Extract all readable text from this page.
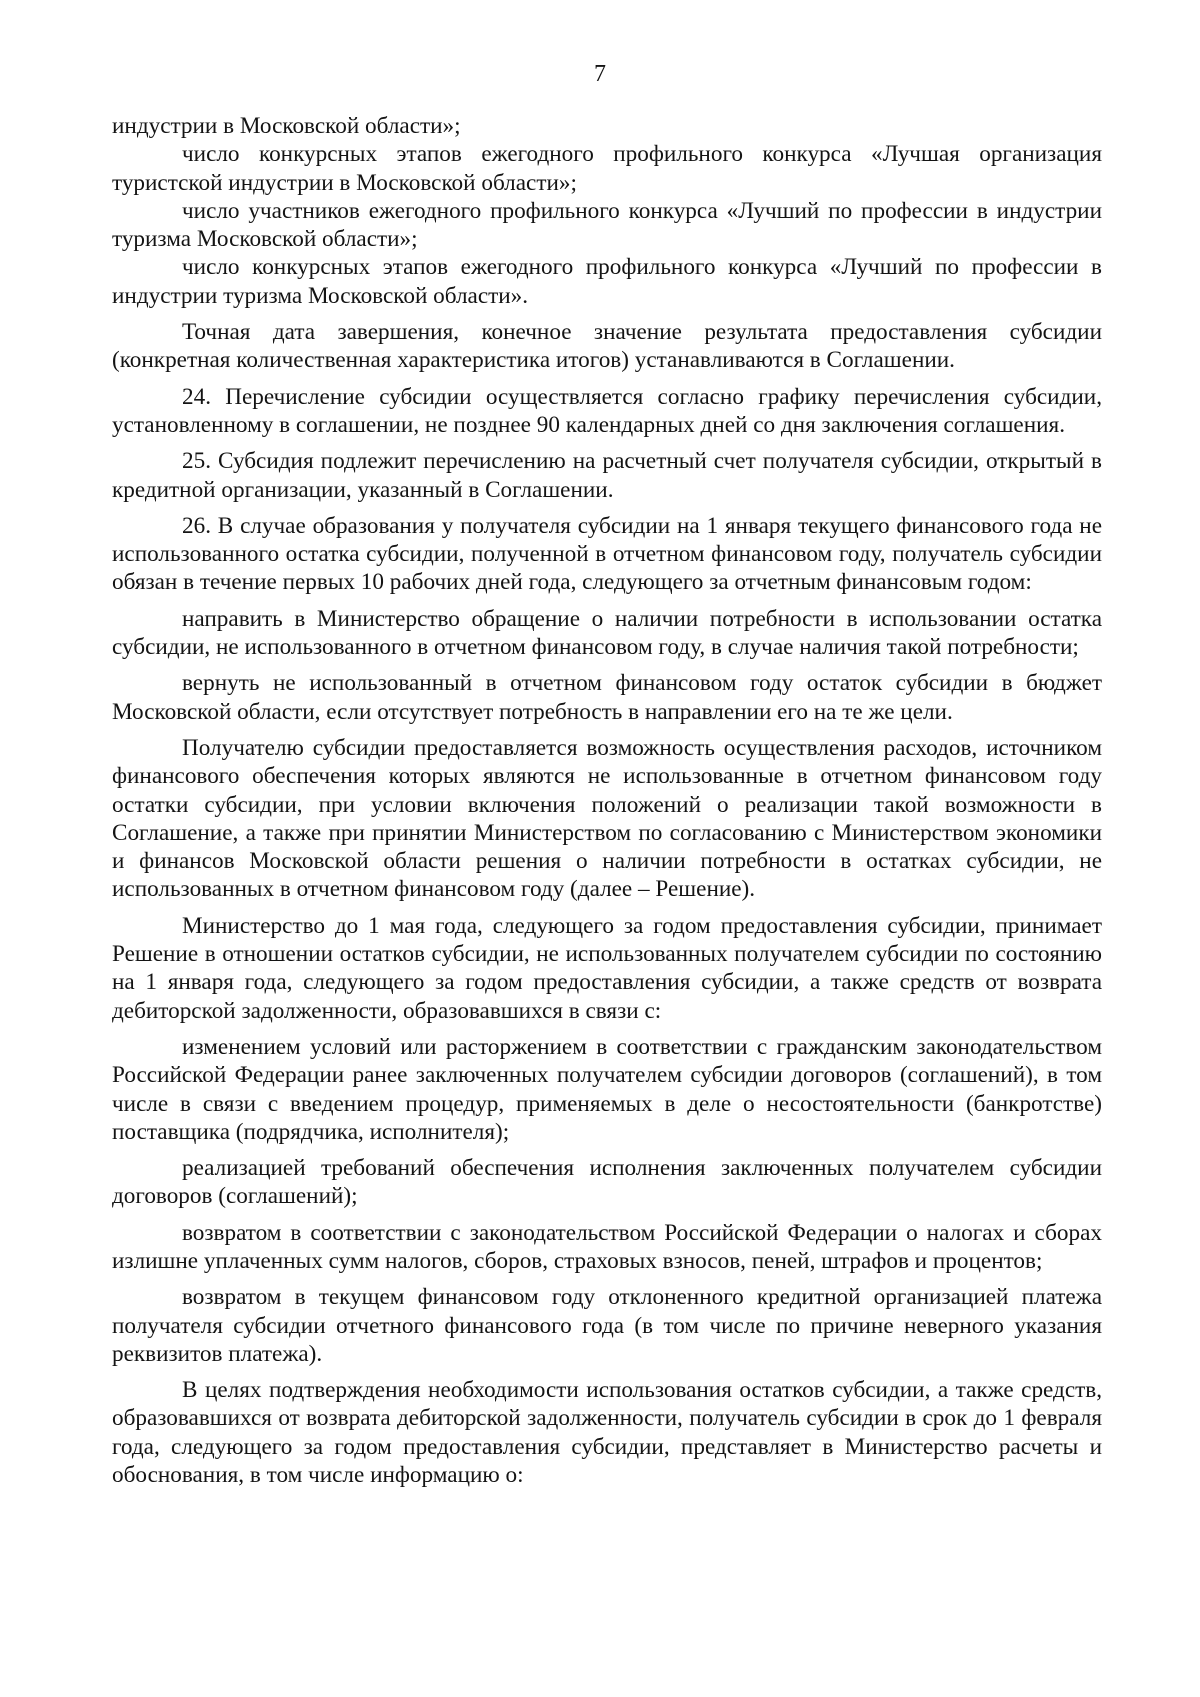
7

индустрии в Московской области»;

число конкурсных этапов ежегодного профильного конкурса «Лучшая организация туристской индустрии в Московской области»;

число участников ежегодного профильного конкурса «Лучший по профессии в индустрии туризма Московской области»;

число конкурсных этапов ежегодного профильного конкурса «Лучший по профессии в индустрии туризма Московской области».

Точная дата завершения, конечное значение результата предоставления субсидии (конкретная количественная характеристика итогов) устанавливаются в Соглашении.

24. Перечисление субсидии осуществляется согласно графику перечисления субсидии, установленному в соглашении, не позднее 90 календарных дней со дня заключения соглашения.

25. Субсидия подлежит перечислению на расчетный счет получателя субсидии, открытый в кредитной организации, указанный в Соглашении.

26. В случае образования у получателя субсидии на 1 января текущего финансового года не использованного остатка субсидии, полученной в отчетном финансовом году, получатель субсидии обязан в течение первых 10 рабочих дней года, следующего за отчетным финансовым годом:

направить в Министерство обращение о наличии потребности в использовании остатка субсидии, не использованного в отчетном финансовом году, в случае наличия такой потребности;

вернуть не использованный в отчетном финансовом году остаток субсидии в бюджет Московской области, если отсутствует потребность в направлении его на те же цели.

Получателю субсидии предоставляется возможность осуществления расходов, источником финансового обеспечения которых являются не использованные в отчетном финансовом году остатки субсидии, при условии включения положений о реализации такой возможности в Соглашение, а также при принятии Министерством по согласованию с Министерством экономики и финансов Московской области решения о наличии потребности в остатках субсидии, не использованных в отчетном финансовом году (далее – Решение).

Министерство до 1 мая года, следующего за годом предоставления субсидии, принимает Решение в отношении остатков субсидии, не использованных получателем субсидии по состоянию на 1 января года, следующего за годом предоставления субсидии, а также средств от возврата дебиторской задолженности, образовавшихся в связи с:

изменением условий или расторжением в соответствии с гражданским законодательством Российской Федерации ранее заключенных получателем субсидии договоров (соглашений), в том числе в связи с введением процедур, применяемых в деле о несостоятельности (банкротстве) поставщика (подрядчика, исполнителя);

реализацией требований обеспечения исполнения заключенных получателем субсидии договоров (соглашений);

возвратом в соответствии с законодательством Российской Федерации о налогах и сборах излишне уплаченных сумм налогов, сборов, страховых взносов, пеней, штрафов и процентов;

возвратом в текущем финансовом году отклоненного кредитной организацией платежа получателя субсидии отчетного финансового года (в том числе по причине неверного указания реквизитов платежа).

В целях подтверждения необходимости использования остатков субсидии, а также средств, образовавшихся от возврата дебиторской задолженности, получатель субсидии в срок до 1 февраля года, следующего за годом предоставления субсидии, представляет в Министерство расчеты и обоснования, в том числе информацию о:
